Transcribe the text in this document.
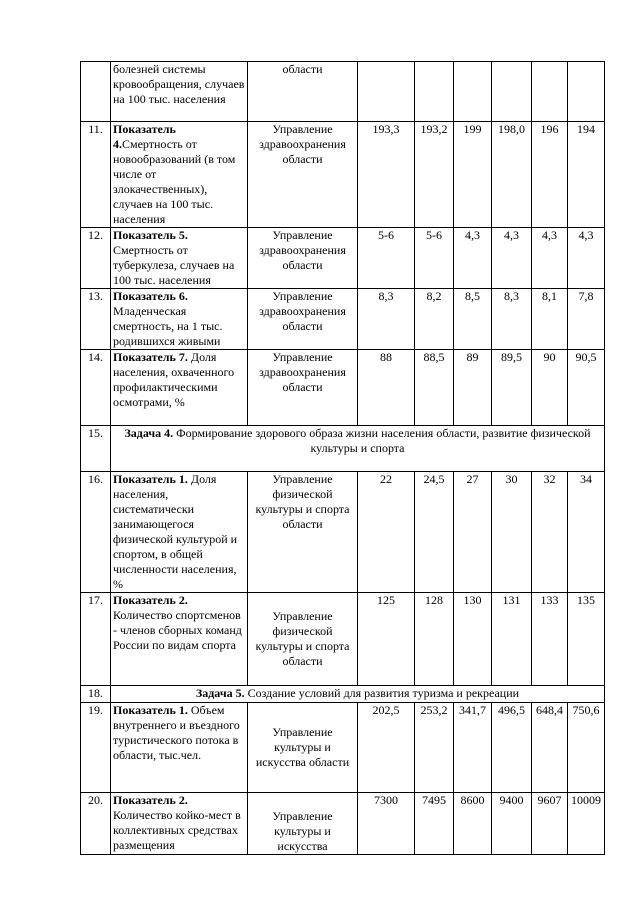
	болезней системы кровообращения, случаев на 100 тыс. населения	области						
11.	Показатель 4.Смертность от новообразований (в том числе от злокачественных), случаев на 100 тыс. населения	Управление здравоохранения области	193,3	193,2	199	198,0	196	194
12.	Показатель 5. Смертность от туберкулеза, случаев на 100 тыс. населения	Управление здравоохранения области	5-6	5-6	4,3	4,3	4,3	4,3
13.	Показатель 6. Младенческая смертность, на 1 тыс. родившихся живыми	Управление здравоохранения области	8,3	8,2	8,5	8,3	8,1	7,8
14.	Показатель 7. Доля населения, охваченного профилактическими осмотрами, %	Управление здравоохранения области	88	88,5	89	89,5	90	90,5
15.	Задача 4. Формирование здорового образа жизни населения области, развитие физической культуры и спорта							
16.	Показатель 1. Доля населения, систематически занимающегося физической культурой и спортом, в общей численности населения, %	Управление физической культуры и спорта области	22	24,5	27	30	32	34
17.	Показатель 2. Количество спортсменов - членов сборных команд России по видам спорта	Управление физической культуры и спорта области	125	128	130	131	133	135
18.	Задача 5. Создание условий для развития туризма и рекреации							
19.	Показатель 1. Объем внутреннего и въездного туристического потока в области, тыс.чел.	Управление культуры и искусства области	202,5	253,2	341,7	496,5	648,4	750,6
20.	Показатель 2. Количество койко-мест в коллективных средствах размещения	Управление культуры и искусства	7300	7495	8600	9400	9607	10009
